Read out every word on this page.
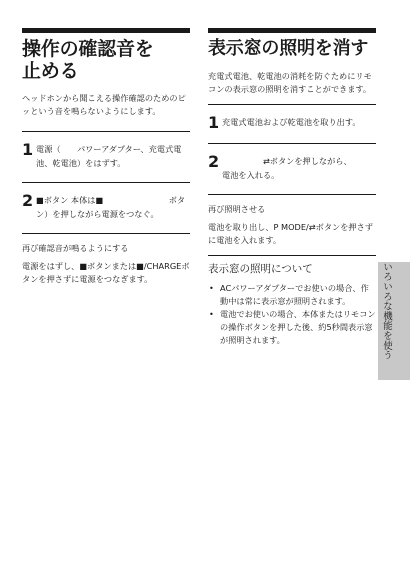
操作の確認音を
止める

ヘッドホンから聞こえる操作確認のためのピッという音を鳴らないようにします。

1 電源（　　パワーアダプター、充電式電池、乾電池）をはずす。
2 ■ボタン 本体は■　　　　　　　　ボタン）を押しながら電源をつなぐ。

再び確認音が鳴るようにする

電源をはずし、■ボタンまたは■/CHARGEボタンを押さずに電源をつなぎます。

表示窓の照明を消す

充電式電池、乾電池の消耗を防ぐためにリモコンの表示窓の照明を消すことができます。

1 充電式電池および乾電池を取り出す。
2 　　　　　⇄ボタンを押しながら、
電池を入れる。

再び照明させる

電池を取り出し、P MODE/⇄ボタンを押さずに電池を入れます。

表示窓の照明について
• ACパワーアダプターでお使いの場合、作動中は常に表示窓が照明されます。
• 電池でお使いの場合、本体またはリモコンの操作ボタンを押した後、約5秒間表示窓が照明されます。	いろいろな機能を使う
